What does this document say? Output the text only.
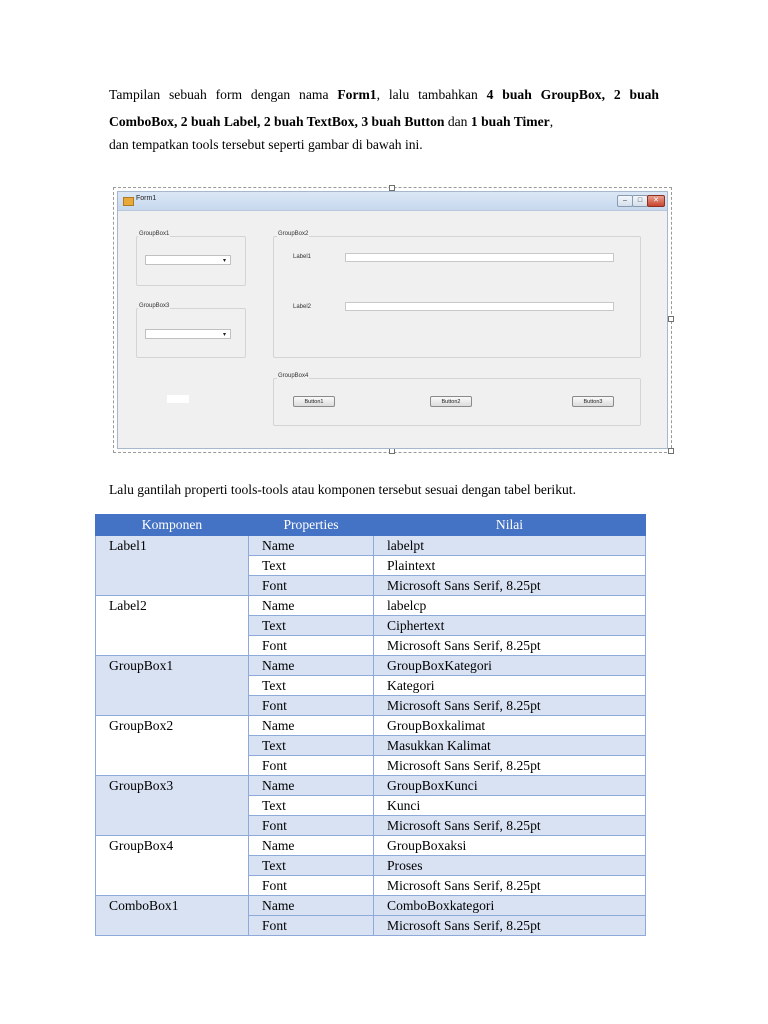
Tampilan sebuah form dengan nama Form1, lalu tambahkan 4 buah GroupBox, 2 buah ComboBox, 2 buah Label, 2 buah TextBox, 3 buah Button dan 1 buah Timer,

dan tempatkan tools tersebut seperti gambar di bawah ini.

Form1	–	□	✕
GroupBox1
▾
GroupBox3
▾
GroupBox2
Label1
Label2
GroupBox4
Button1	Button2	Button3

Lalu gantilah properti tools-tools atau komponen tersebut sesuai dengan tabel berikut.

Komponen	Properties	Nilai
Label1	Name	labelpt
	Text	Plaintext
	Font	Microsoft Sans Serif, 8.25pt
Label2	Name	labelcp
	Text	Ciphertext
	Font	Microsoft Sans Serif, 8.25pt
GroupBox1	Name	GroupBoxKategori
	Text	Kategori
	Font	Microsoft Sans Serif, 8.25pt
GroupBox2	Name	GroupBoxkalimat
	Text	Masukkan Kalimat
	Font	Microsoft Sans Serif, 8.25pt
GroupBox3	Name	GroupBoxKunci
	Text	Kunci
	Font	Microsoft Sans Serif, 8.25pt
GroupBox4	Name	GroupBoxaksi
	Text	Proses
	Font	Microsoft Sans Serif, 8.25pt
ComboBox1	Name	ComboBoxkategori
	Font	Microsoft Sans Serif, 8.25pt
